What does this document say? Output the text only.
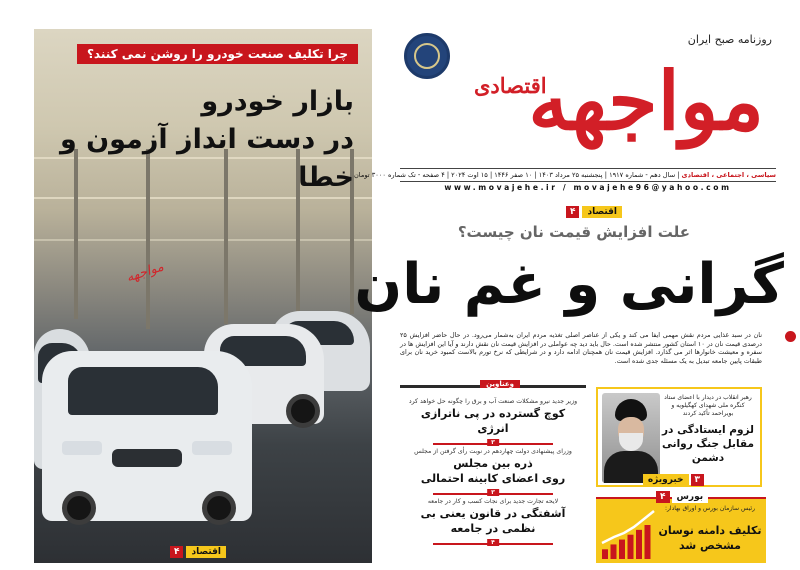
چرا تکلیف صنعت خودرو را روشن نمی کنند؟
بازار خودرو
در دست انداز آزمون و خطا
مواجهه
۴	اقتصاد
روزنامه صبح ایران
مواجهه
اقتصادی
سیاسی ، اجتماعی ، اقتصادی | سال دهم - شماره ۱۹۱۷ | پنجشنبه ۲۵ مرداد ۱۴۰۳ | ۱۰ صفر ۱۴۴۶ | ۱۵ اوت ۲۰۲۴ | ۴ صفحه - تک شماره ۳۰۰۰ تومان
www.movajehe.ir / movajehe96@yahoo.com
۴	اقتصاد
علت افزایش قیمت نان چیست؟
گرانی و غم نان
نان در سبد غذایی مردم نقش مهمی ایفا می کند و یکی از عناصر اصلی تغذیه مردم ایران به‌شمار می‌رود. در حال حاضر افزایش ۲۵ درصدی قیمت نان در ۱۰ استان کشور منتشر شده است. حال باید دید چه عواملی در افزایش قیمت نان نقش دارند و آیا این افزایش ها در سفره و معیشت خانوارها اثر می گذارد. افزایش قیمت نان همچنان ادامه دارد و در شرایطی که نرخ تورم بالاست کمبود خرید نان برای طبقات پایین جامعه تبدیل به یک مسئله جدی شده است.
وعناوین
وزیر جدید نیرو مشکلات صنعت آب و برق را چگونه حل خواهد کرد
کوچ گسترده در پی ناترازی انرژی
۳
وزرای پیشنهادی دولت چهاردهم در نوبت رأی گرفتن از مجلس
ذره بین مجلس
روی اعضای کابینه احتمالی
۳
لایحه تجارت جدید برای نجات کسب و کار در جامعه
آشفتگی در قانون یعنی بی نظمی در جامعه
۴
رهبر انقلاب در دیدار با اعضای ستاد کنگره ملی شهدای کهگیلویه و بویراحمد تأکید کردند
لزوم ایستادگی در مقابل جنگ روانی دشمن
۳
خبرویژه
رئیس سازمان بورس و اوراق بهادار:
تکلیف دامنه نوسان مشخص شد
۴	بورس
